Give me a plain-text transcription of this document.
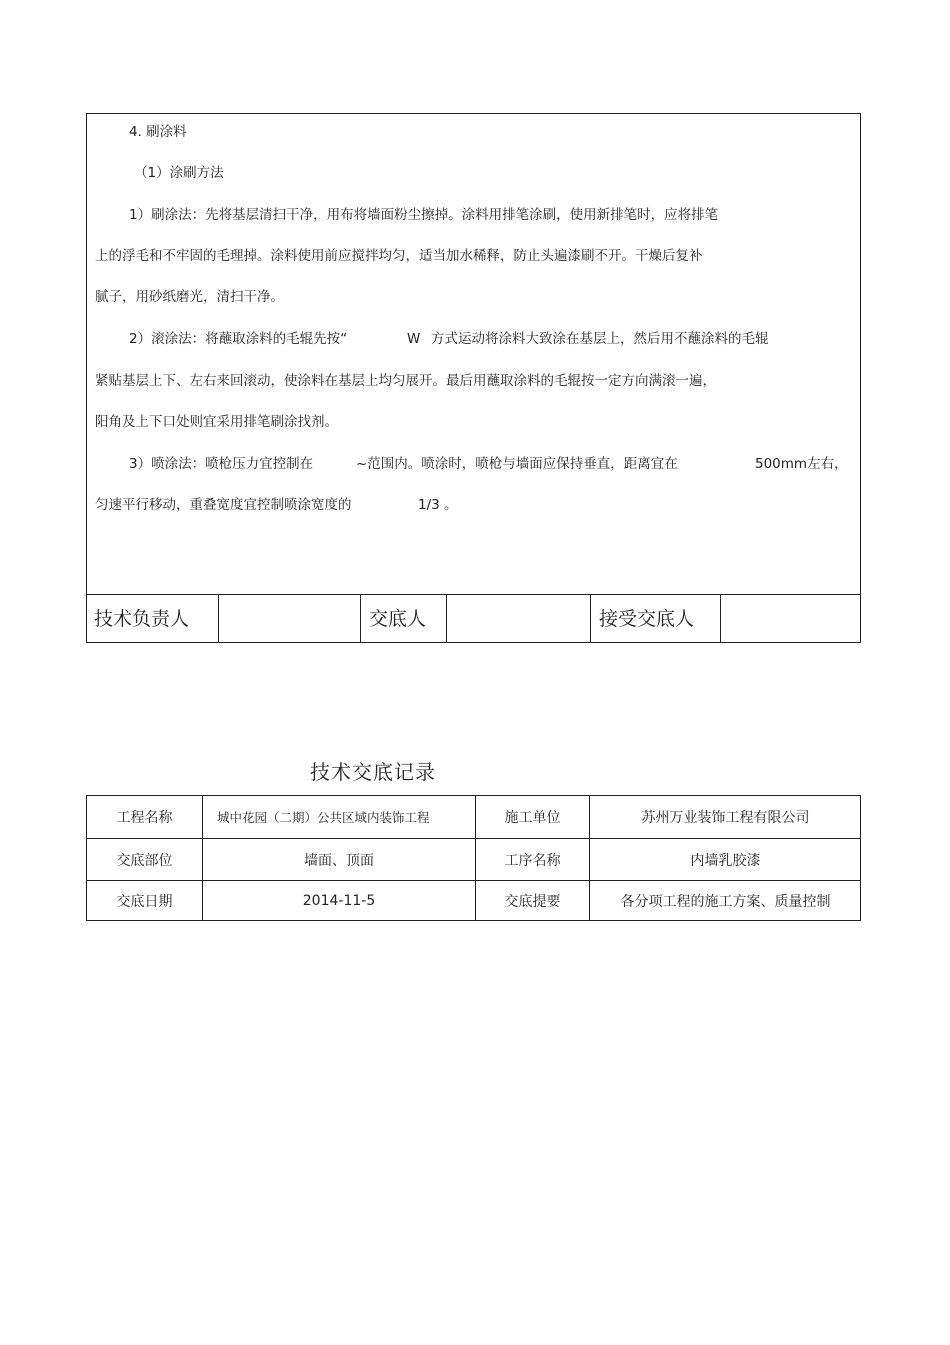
4. 刷涂料
（1）涂刷方法
1）刷涂法：先将基层清扫干净，用布将墙面粉尘擦掉。涂料用排笔涂刷，使用新排笔时，应将排笔
上的浮毛和不牢固的毛理掉。涂料使用前应搅拌均匀，适当加水稀释，防止头遍漆刷不开。干燥后复补
腻子，用砂纸磨光，清扫干净。
2）滚涂法：将蘸取涂料的毛辊先按“	W 方式运动将涂料大致涂在基层上，然后用不蘸涂料的毛辊
紧贴基层上下、左右来回滚动，使涂料在基层上均匀展开。最后用蘸取涂料的毛辊按一定方向满滚一遍，
阳角及上下口处则宜采用排笔刷涂找剂。
3）喷涂法：喷枪压力宜控制在	~范围内。喷涂时，喷枪与墙面应保持垂直，距离宜在	500mm左右，
匀速平行移动，重叠宽度宜控制喷涂宽度的	1/3 。
技术负责人	交底人	接受交底人
技术交底记录
工程名称	城中花园（二期）公共区域内装饰工程	施工单位	苏州万业装饰工程有限公司
交底部位	墙面、顶面	工序名称	内墙乳胶漆
交底日期	2014-11-5	交底提要	各分项工程的施工方案、质量控制
